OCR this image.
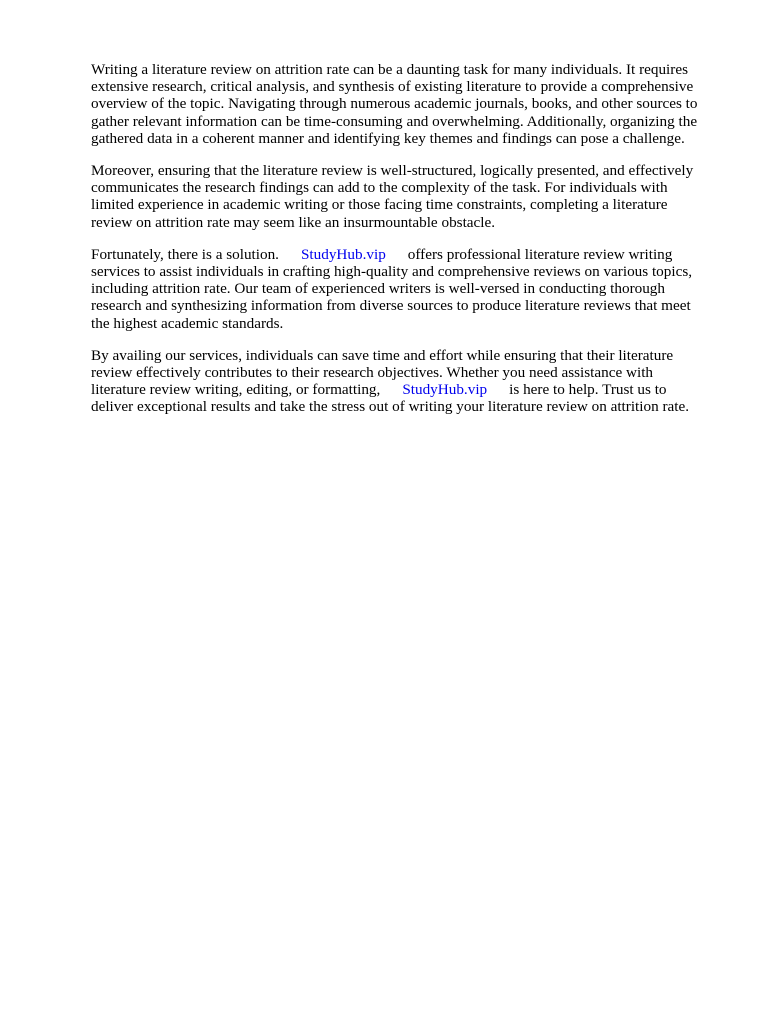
Writing a literature review on attrition rate can be a daunting task for many individuals. It requires extensive research, critical analysis, and synthesis of existing literature to provide a comprehensive overview of the topic. Navigating through numerous academic journals, books, and other sources to gather relevant information can be time-consuming and overwhelming. Additionally, organizing the gathered data in a coherent manner and identifying key themes and findings can pose a challenge.

Moreover, ensuring that the literature review is well-structured, logically presented, and effectively communicates the research findings can add to the complexity of the task. For individuals with limited experience in academic writing or those facing time constraints, completing a literature review on attrition rate may seem like an insurmountable obstacle.

Fortunately, there is a solution. StudyHub.vip offers professional literature review writing services to assist individuals in crafting high-quality and comprehensive reviews on various topics, including attrition rate. Our team of experienced writers is well-versed in conducting thorough research and synthesizing information from diverse sources to produce literature reviews that meet the highest academic standards.

By availing our services, individuals can save time and effort while ensuring that their literature review effectively contributes to their research objectives. Whether you need assistance with literature review writing, editing, or formatting, StudyHub.vip is here to help. Trust us to deliver exceptional results and take the stress out of writing your literature review on attrition rate.
